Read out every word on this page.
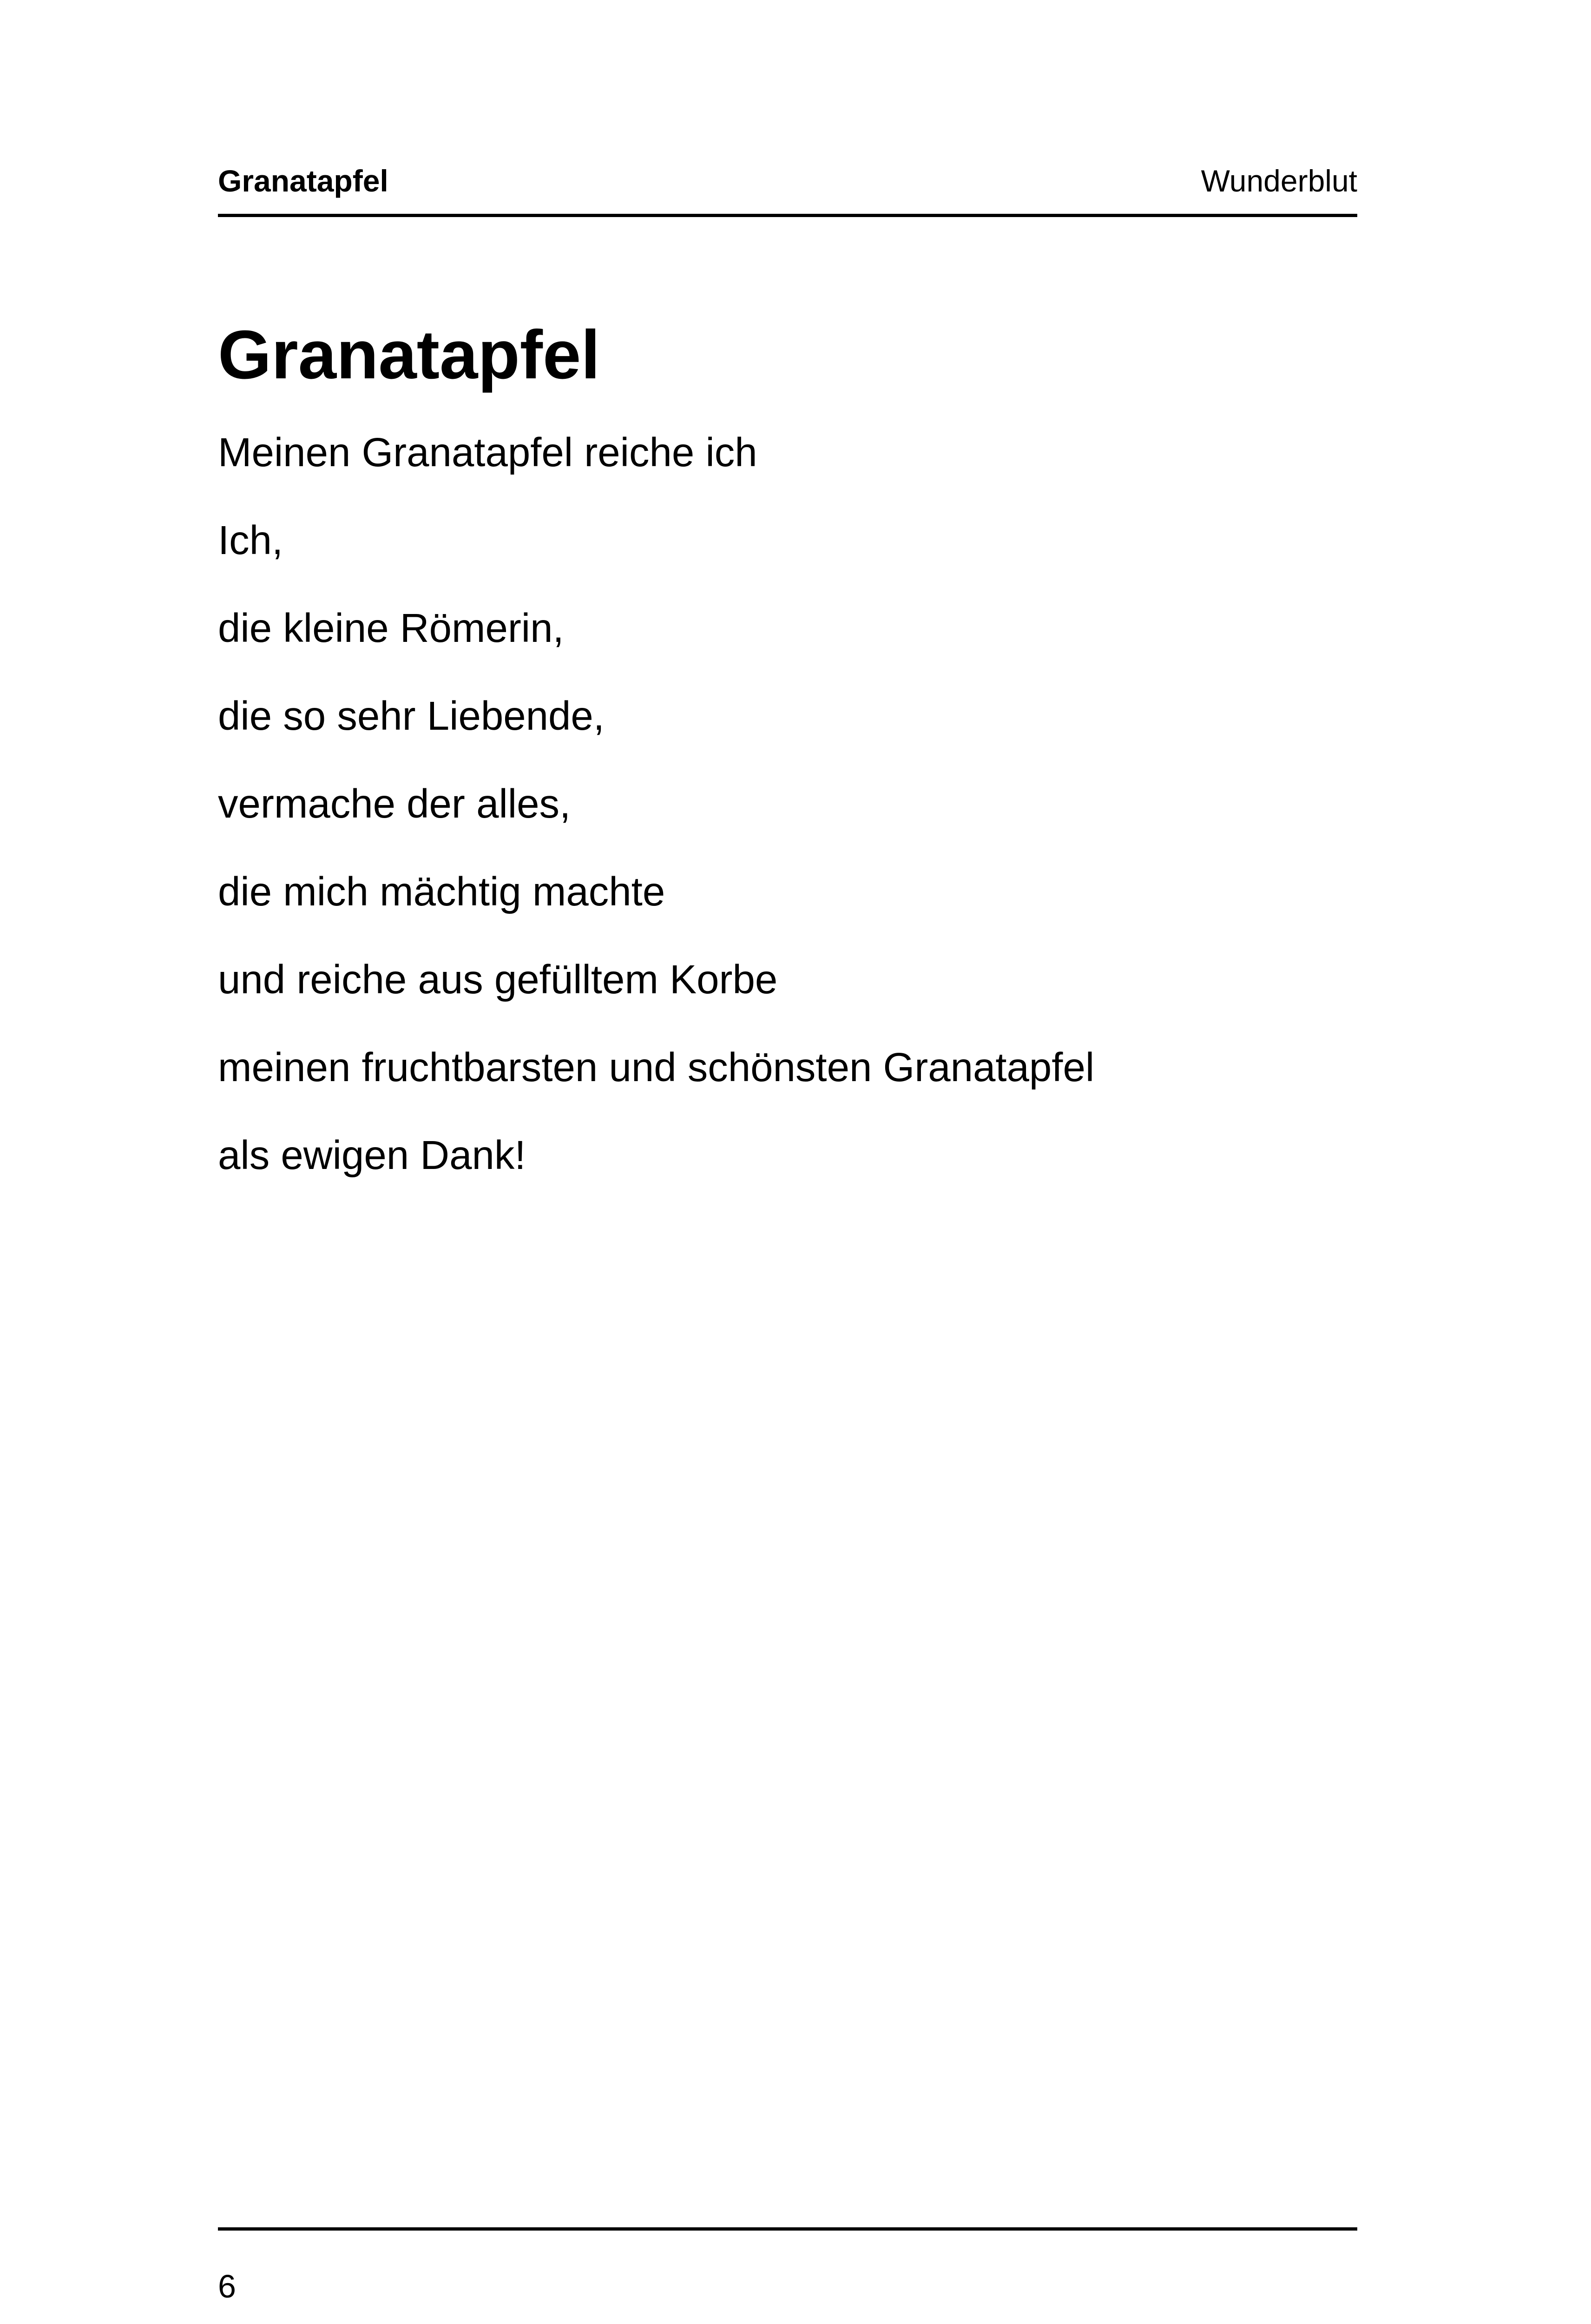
Granatapfel	Wunderblut
Granatapfel
Meinen Granatapfel reiche ich
Ich,
die kleine Römerin,
die so sehr Liebende,
vermache der alles,
die mich mächtig machte
und reiche aus gefülltem Korbe
meinen fruchtbarsten und schönsten Granatapfel
als ewigen Dank!
6
